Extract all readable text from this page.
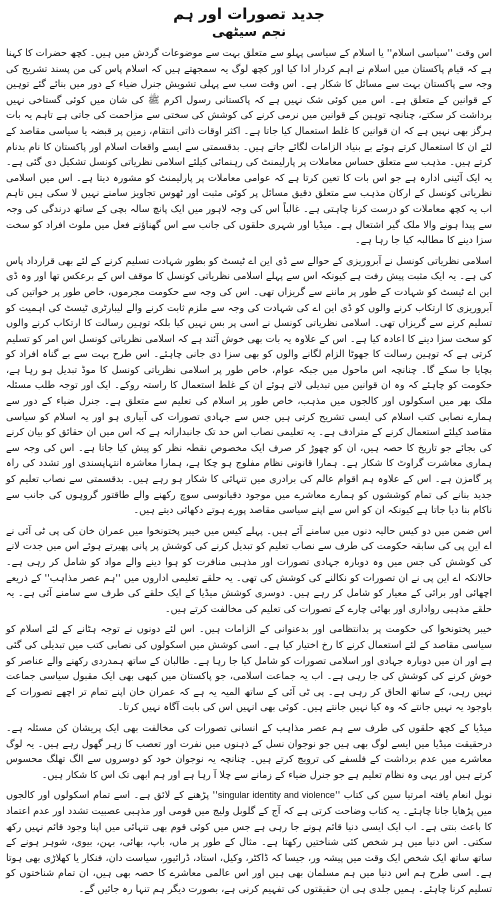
جدید تصورات اور ہم
نجم سیٹھی

اس وقت ''سیاسی اسلام'' یا اسلام کے سیاسی پہلو سے متعلق بہت سے موضوعات گردش میں ہیں۔ کچھ حضرات کا کہنا ہے کہ قیام پاکستان میں اسلام نے اہم کردار ادا کیا اور کچھ لوگ یہ سمجھتے ہیں کہ اسلام پاس کی من پسند تشریح کی وجہ سے پاکستان بہت سے مسائل کا شکار ہے۔ اس وقت سب سے پہلی تشویش جنرل ضیاء کے دور میں بنائے گئے توہین کے قوانین کے متعلق ہے۔ اس میں کوئی شک نہیں ہے کہ پاکستانی رسول اکرم ﷺ کی شان میں کوئی گستاخی نہیں برداشت کر سکتے، چنانچہ توہین کے قوانین میں نرمی کرنے کی کوشش کی سختی سے مزاحمت کی جاتی ہے تاہم یہ بات ہرگز بھی نہیں ہے کہ ان قوانین کا غلط استعمال کیا جاتا ہے۔ اکثر اوقات ذاتی انتقام، زمین پر قبضہ یا سیاسی مقاصد کے لئے ان کا استعمال کرتے ہوئے بے بنیاد الزامات لگائے جاتے ہیں۔ بدقسمتی سے ایسے واقعات اسلام اور پاکستان کا نام بدنام کرتے ہیں۔ مذہب سے متعلق حساس معاملات پر پارلیمنٹ کی رہنمائی کیلئے اسلامی نظریاتی کونسل تشکیل دی گئی ہے۔ یہ ایک آئینی ادارہ ہے جو اس بات کا تعین کرتا ہے کہ عوامی معاملات پر پارلیمنٹ کو مشورہ دیتا ہے۔ اس میں اسلامی نظریاتی کونسل کے ارکان مذہب سے متعلق دقیق مسائل پر کوئی مثبت اور ٹھوس تجاویز سامنے نہیں لا سکی ہیں تاہم اب یہ کچھ معاملات کو درست کرنا چاہتی ہے۔ غالباً اس کی وجہ لاہور میں ایک پانچ سالہ بچی کے ساتھ درندگی کی وجہ سے پیدا ہونے والا ملک گیر اشتعال ہے۔ میڈیا اور شہری حلقوں کی جانب سے اس گھناؤنے فعل میں ملوث افراد کو سخت سزا دینے کا مطالبہ کیا جا رہا ہے۔

اسلامی نظریاتی کونسل نے آبروریزی کے حوالے سے ڈی این اے ٹیسٹ کو بطور شہادت تسلیم کرنے کے لئے بھی قرارداد پاس کی ہے۔ یہ ایک مثبت پیش رفت ہے کیونکہ اس سے پہلے اسلامی نظریاتی کونسل کا موقف اس کے برعکس تھا اور وہ ڈی این اے ٹیسٹ کو شہادت کے طور پر ماننے سے گریزاں تھی۔ اس کی وجہ سے حکومت مجرموں، خاص طور پر خواتین کی آبروریزی کا ارتکاب کرنے والوں کو ڈی این اے کی شہادت کی وجہ سے ملزم ثابت کرنے والے لیبارٹری ٹیسٹ کی اہمیت کو تسلیم کرنے سے گریزاں تھی۔ اسلامی نظریاتی کونسل نے اسی پر بس نہیں کیا بلکہ توہین رسالت کا ارتکاب کرنے والوں کو سخت سزا دینے کا اعادہ کیا ہے۔ اس کے علاوہ یہ بات بھی خوش آئند ہے کہ اسلامی نظریاتی کونسل اس امر کو تسلیم کرتی ہے کہ توہین رسالت کا جھوٹا الزام لگانے والوں کو بھی سزا دی جانی چاہئے۔ اس طرح بہت سے بے گناہ افراد کو بچایا جا سکے گا۔ چنانچہ اس ماحول میں جبکہ عوام، خاص طور پر اسلامی نظریاتی کونسل کا موڈ تبدیل ہو رہا ہے، حکومت کو چاہئے کہ وہ ان قوانین میں تبدیلی لاتے ہوئے ان کے غلط استعمال کا راستہ روکے۔ ایک اور توجہ طلب مسئلہ ملک بھر میں اسکولوں اور کالجوں میں مذہب، خاص طور پر اسلام کی تعلیم سے متعلق ہے۔ جنرل ضیاء کے دور سے ہمارے نصابی کتب اسلام کی ایسی تشریح کرتی ہیں جس سے جہادی تصورات کی آبیاری ہو اور یہ اسلام کو سیاسی مقاصد کیلئے استعمال کرنے کے مترادف ہے۔ یہ تعلیمی نصاب اس حد تک جانبدارانہ ہے کہ اس میں ان حقائق کو بیان کرنے کی بجائے جو تاریخ کا حصہ ہیں، ان کو چھوڑ کر صرف ایک مخصوص نقطہ نظر کو پیش کیا جاتا ہے۔ اس کی وجہ سے ہماری معاشرت گراوٹ کا شکار ہے۔ ہمارا قانونی نظام مفلوج ہو چکا ہے، ہمارا معاشرہ انتہاپسندی اور تشدد کی راہ پر گامزن ہے۔ اس کے علاوہ ہم اقوام عالم کی برادری میں تنہائی کا شکار ہو رہے ہیں۔ بدقسمتی سے نصاب تعلیم کو جدید بنانے کی تمام کوششوں کو ہمارے معاشرے میں موجود دقیانوسی سوچ رکھنے والے طاقتور گروہوں کی جانب سے ناکام بنا دیا جاتا ہے کیونکہ ان کو اس سے اپنے سیاسی مقاصد پورے ہوتے دکھائی دیتے ہیں۔

اس ضمن میں دو کیس حالیہ دنوں میں سامنے آئے ہیں۔ پہلے کیس میں خیبر پختونخوا میں عمران خان کی پی ٹی آئی نے اے این پی کی سابقہ حکومت کی طرف سے نصاب تعلیم کو تبدیل کرنے کی کوشش پر پانی پھیرتے ہوئے اس میں جدت لانے کی کوشش کی جس میں وہ دوبارہ جہادی تصورات اور مذہبی منافرت کو ہوا دینے والے مواد کو شامل کر رہی ہے۔ حالانکہ اے این پی نے ان تصورات کو نکالنے کی کوشش کی تھی۔ یہ حلقے تعلیمی اداروں میں ''ہم عصر مذاہب'' کے ذریعے اچھائی اور برائی کے معیار کو شامل کر رہے ہیں۔ دوسری کوشش میڈیا کے ایک حلقے کی طرف سے سامنے آئی ہے۔ یہ حلقے مذہبی رواداری اور بھائی چارے کے تصورات کی تعلیم کی مخالفت کرتے ہیں۔

خیبر پختونخوا کی حکومت پر بدانتظامی اور بدعنوانی کے الزامات ہیں۔ اس لئے دونوں نے توجہ ہٹانے کے لئے اسلام کو سیاسی مقاصد کے لئے استعمال کرنے کا رخ اختیار کیا ہے۔ اسی کوشش میں اسکولوں کی نصابی کتب میں تبدیلی کی گئی ہے اور ان میں دوبارہ جہادی اور اسلامی تصورات کو شامل کیا جا رہا ہے۔ طالبان کے ساتھ ہمدردی رکھنے والے عناصر کو خوش کرنے کی کوشش کی جا رہی ہے۔ اب یہ جماعت اسلامی، جو پاکستان میں کبھی بھی ایک مقبول سیاسی جماعت نہیں رہی، کے ساتھ الحاق کر رہی ہے۔ پی ٹی آئی کے ساتھ المیہ یہ ہے کہ عمران خان اپنے تمام تر اچھے تصورات کے باوجود یہ نہیں جانتے کہ وہ کیا نہیں جانتے ہیں۔ کوئی بھی انہیں اس کی بابت آگاہ نہیں کرتا۔

میڈیا کے کچھ حلقوں کی طرف سے ہم عصر مذاہب کے انسانی تصورات کی مخالفت بھی ایک پریشان کن مسئلہ ہے۔ درحقیقت میڈیا میں ایسے لوگ بھی ہیں جو نوجوان نسل کے ذہنوں میں نفرت اور تعصب کا زہر گھول رہے ہیں۔ یہ لوگ معاشرے میں عدم برداشت کے فلسفے کی ترویج کرتے ہیں۔ چنانچہ یہ نوجوان خود کو دوسروں سے الگ تھلگ محسوس کرتے ہیں اور یہی وہ نظام تعلیم ہے جو جنرل ضیاء کے زمانے سے چلا آ رہا ہے اور ہم ابھی تک اس کا شکار ہیں۔

نوبل انعام یافتہ امرتیا سین کی کتاب ''singular identity and violence'' پڑھنے کے لائق ہے۔ اسے تمام اسکولوں اور کالجوں میں پڑھایا جانا چاہئے۔ یہ کتاب وضاحت کرتی ہے کہ آج کے گلوبل ولیج میں قومی اور مذہبی عصبیت تشدد اور عدم اعتماد کا باعث بنتی ہے۔ اب ایک ایسی دنیا قائم ہونے جا رہی ہے جس میں کوئی قوم بھی تنہائی میں اپنا وجود قائم نہیں رکھ سکتی۔ اس دنیا میں ہر شخص کئی شناختیں رکھتا ہے۔ مثال کے طور پر ماں، باپ، بھائی، بہن، بیوی، شوہر ہونے کے ساتھ ساتھ ایک شخص ایک وقت میں پیشہ ور، جیسا کہ ڈاکٹر، وکیل، استاد، ڈرائیور، سیاست دان، فنکار یا کھلاڑی بھی ہوتا ہے۔ اسی طرح ہم اس دنیا میں ہم مسلمان بھی ہیں اور اس عالمی معاشرے کا حصہ بھی ہیں، ان تمام شناختوں کو تسلیم کرنا چاہئے۔ ہمیں جلدی ہی ان حقیقتوں کی تفہیم کرنی ہے، بصورت دیگر ہم تنہا رہ جائیں گے۔
